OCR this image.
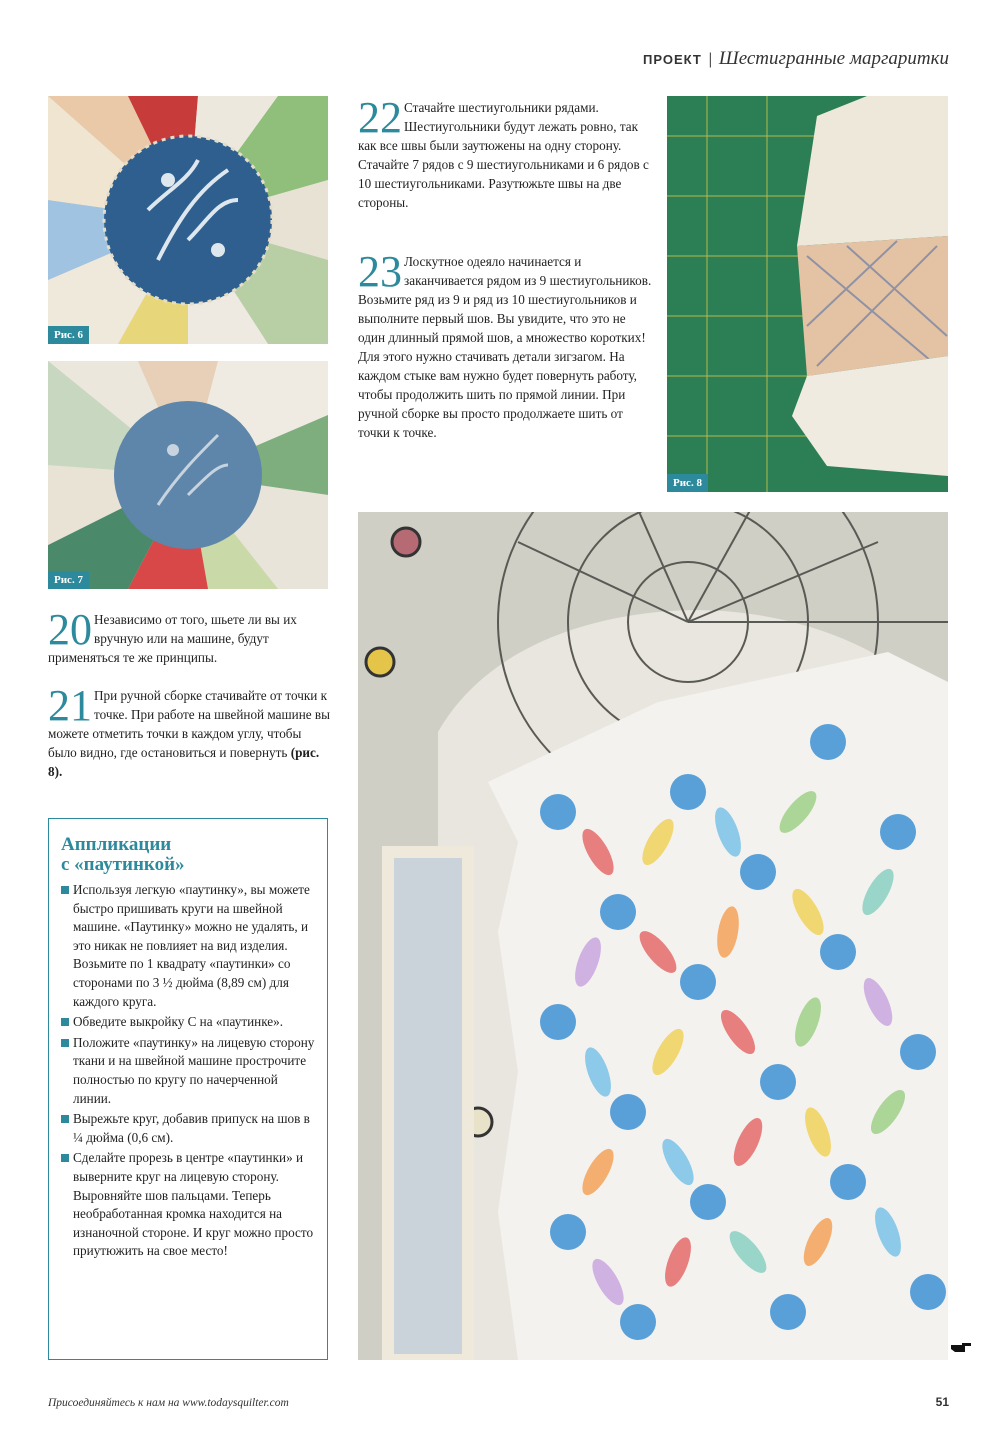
ПРОЕКТ | Шестигранные маргаритки
Рис. 6
Рис. 7
Рис. 8
22 Стачайте шестиугольники рядами. Шестиугольники будут лежать ровно, так как все швы были заутюжены на одну сторону. Стачайте 7 рядов с 9 шестиугольниками и 6 рядов с 10 шестиугольниками. Разутюжьте швы на две стороны.
23 Лоскутное одеяло начинается и заканчивается рядом из 9 шестиугольников. Возьмите ряд из 9 и ряд из 10 шестиугольников и выполните первый шов. Вы увидите, что это не один длинный прямой шов, а множество коротких! Для этого нужно стачивать детали зигзагом. На каждом стыке вам нужно будет повернуть работу, чтобы продолжить шить по прямой линии. При ручной сборке вы просто продолжаете шить от точки к точке.
20 Независимо от того, шьете ли вы их вручную или на машине, будут применяться те же принципы.
21 При ручной сборке стачивайте от точки к точке. При работе на швейной машине вы можете отметить точки в каждом углу, чтобы было видно, где остановиться и повернуть (рис. 8).
Аппликации
с «паутинкой»

Используя легкую «паутинку», вы можете быстро пришивать круги на швейной машине. «Паутинку» можно не удалять, и это никак не повлияет на вид изделия. Возьмите по 1 квадрату «паутинки» со сторонами по 3 ½ дюйма (8,89 см) для каждого круга.

Обведите выкройку С на «паутинке».

Положите «паутинку» на лицевую сторону ткани и на швейной машине прострочите полностью по кругу по начерченной линии.

Вырежьте круг, добавив припуск на шов в ¼ дюйма (0,6 см).

Сделайте прорезь в центре «паутинки» и выверните круг на лицевую сторону. Выровняйте шов пальцами. Теперь необработанная кромка находится на изнаночной стороне. И круг можно просто приутюжить на свое место!

Присоединяйтесь к нам на www.todaysquilter.com	51
